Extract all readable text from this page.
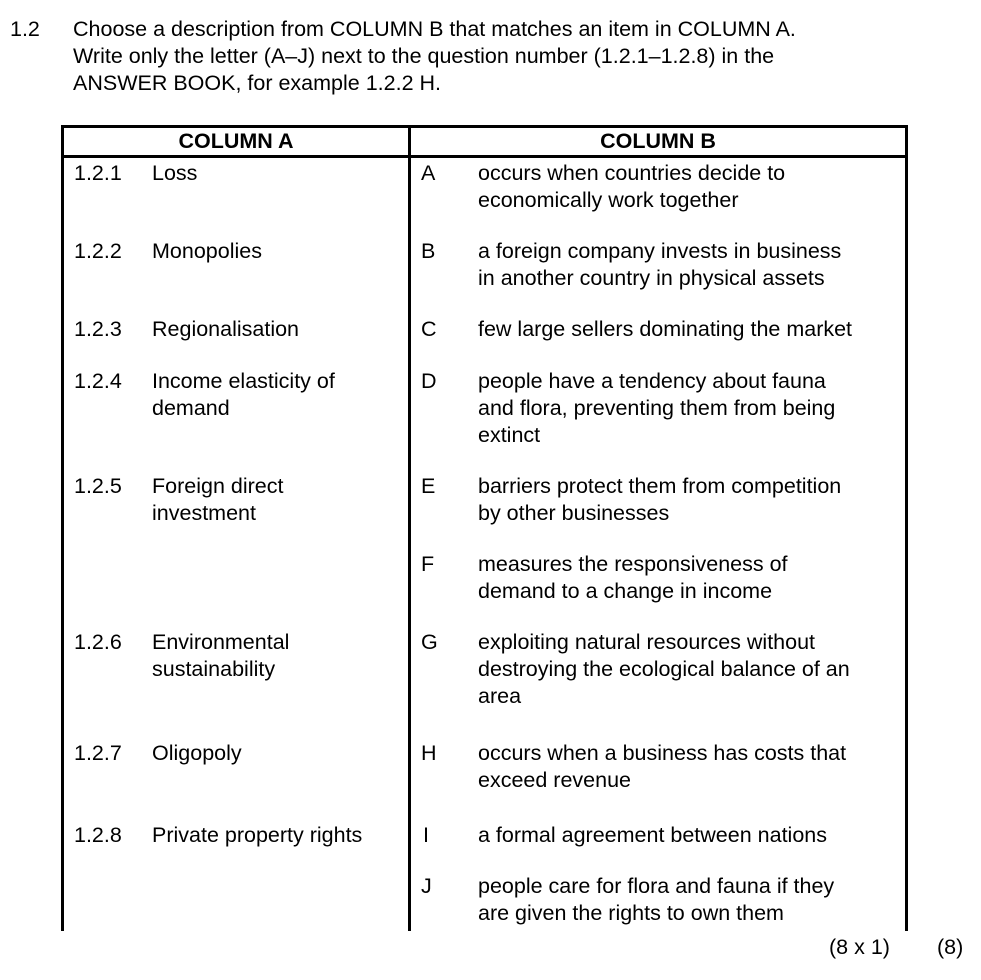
1.2 Choose a description from COLUMN B that matches an item in COLUMN A.
Write only the letter (A–J) next to the question number (1.2.1–1.2.8) in the
ANSWER BOOK, for example 1.2.2 H.
COLUMN A	COLUMN B
1.2.1 Loss
1.2.2 Monopolies
1.2.3 Regionalisation
1.2.4 Income elasticity of
demand
1.2.5 Foreign direct
investment
1.2.6 Environmental
sustainability
1.2.7 Oligopoly
1.2.8 Private property rights
A occurs when countries decide to
economically work together
B a foreign company invests in business
in another country in physical assets
C few large sellers dominating the market
D people have a tendency about fauna
and flora, preventing them from being
extinct
E barriers protect them from competition
by other businesses
F measures the responsiveness of
demand to a change in income
G exploiting natural resources without
destroying the ecological balance of an
area
H occurs when a business has costs that
exceed revenue
I a formal agreement between nations
J people care for flora and fauna if they
are given the rights to own them
(8 x 1) (8)
